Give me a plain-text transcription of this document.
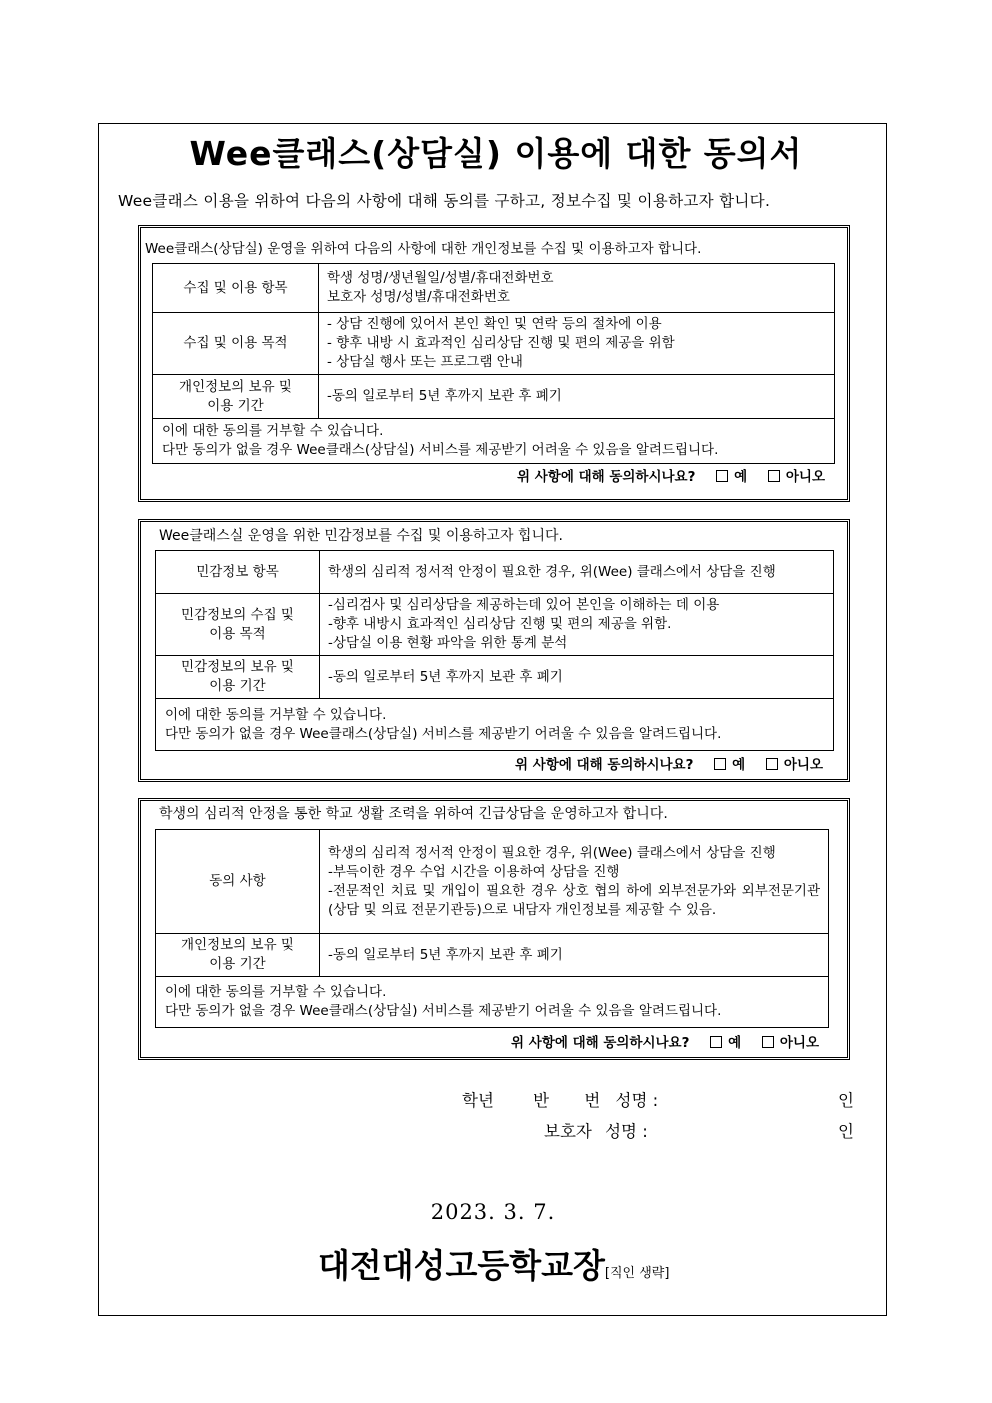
Wee클래스(상담실) 이용에 대한 동의서
Wee클래스 이용을 위하여 다음의 사항에 대해 동의를 구하고, 정보수집 및 이용하고자 합니다.
Wee클래스(상담실) 운영을 위하여 다음의 사항에 대한 개인정보를 수집 및 이용하고자 합니다.
수집 및 이용 항목	학생 성명/생년월일/성별/휴대전화번호
보호자 성명/성별/휴대전화번호

수집 및 이용 목적	- 상담 진행에 있어서 본인 확인 및 연락 등의 절차에 이용
- 향후 내방 시 효과적인 심리상담 진행 및 편의 제공을 위함
- 상담실 행사 또는 프로그램 안내

개인정보의 보유 및
이용 기간	-동의 일로부터 5년 후까지 보관 후 폐기

이에 대한 동의를 거부할 수 있습니다.
다만 동의가 없을 경우 Wee클래스(상담실) 서비스를 제공받기 어려울 수 있음을 알려드립니다.	
위 사항에 대해 동의하시나요?	예	아니오
Wee클래스실 운영을 위한 민감정보를 수집 및 이용하고자 힙니다.
민감정보 항목	학생의 심리적 정서적 안정이 필요한 경우, 위(Wee) 클래스에서 상담을 진행

민감정보의 수집 및
이용 목적	-심리검사 및 심리상담을 제공하는데 있어 본인을 이해하는 데 이용
-향후 내방시 효과적인 심리상담 진행 및 편의 제공을 위함.
-상담실 이용 현황 파악을 위한 통계 분석

민감정보의 보유 및
이용 기간	-동의 일로부터 5년 후까지 보관 후 폐기

이에 대한 동의를 거부할 수 있습니다.
다만 동의가 없을 경우 Wee클래스(상담실) 서비스를 제공받기 어려울 수 있음을 알려드립니다.	
위 사항에 대해 동의하시나요?	예	아니오
학생의 심리적 안정을 통한 학교 생활 조력을 위하여 긴급상담을 운영하고자 합니다.
동의 사항	학생의 심리적 정서적 안정이 필요한 경우, 위(Wee) 클래스에서 상담을 진행
-부득이한 경우 수업 시간을 이용하여 상담을 진행
-전문적인 치료 및 개입이 필요한 경우 상호 협의 하에 외부전문가와 외부전문기관(상담 및 의료 전문기관등)으로 내담자 개인정보를 제공할 수 있음.

개인정보의 보유 및
이용 기간	-동의 일로부터 5년 후까지 보관 후 폐기

이에 대한 동의를 거부할 수 있습니다.
다만 동의가 없을 경우 Wee클래스(상담실) 서비스를 제공받기 어려울 수 있음을 알려드립니다.	
위 사항에 대해 동의하시나요?	예	아니오
학년 반 번 성명 :	인
보호자 성명 :	인
2023. 3. 7.
대전대성고등학교장[직인 생략]
